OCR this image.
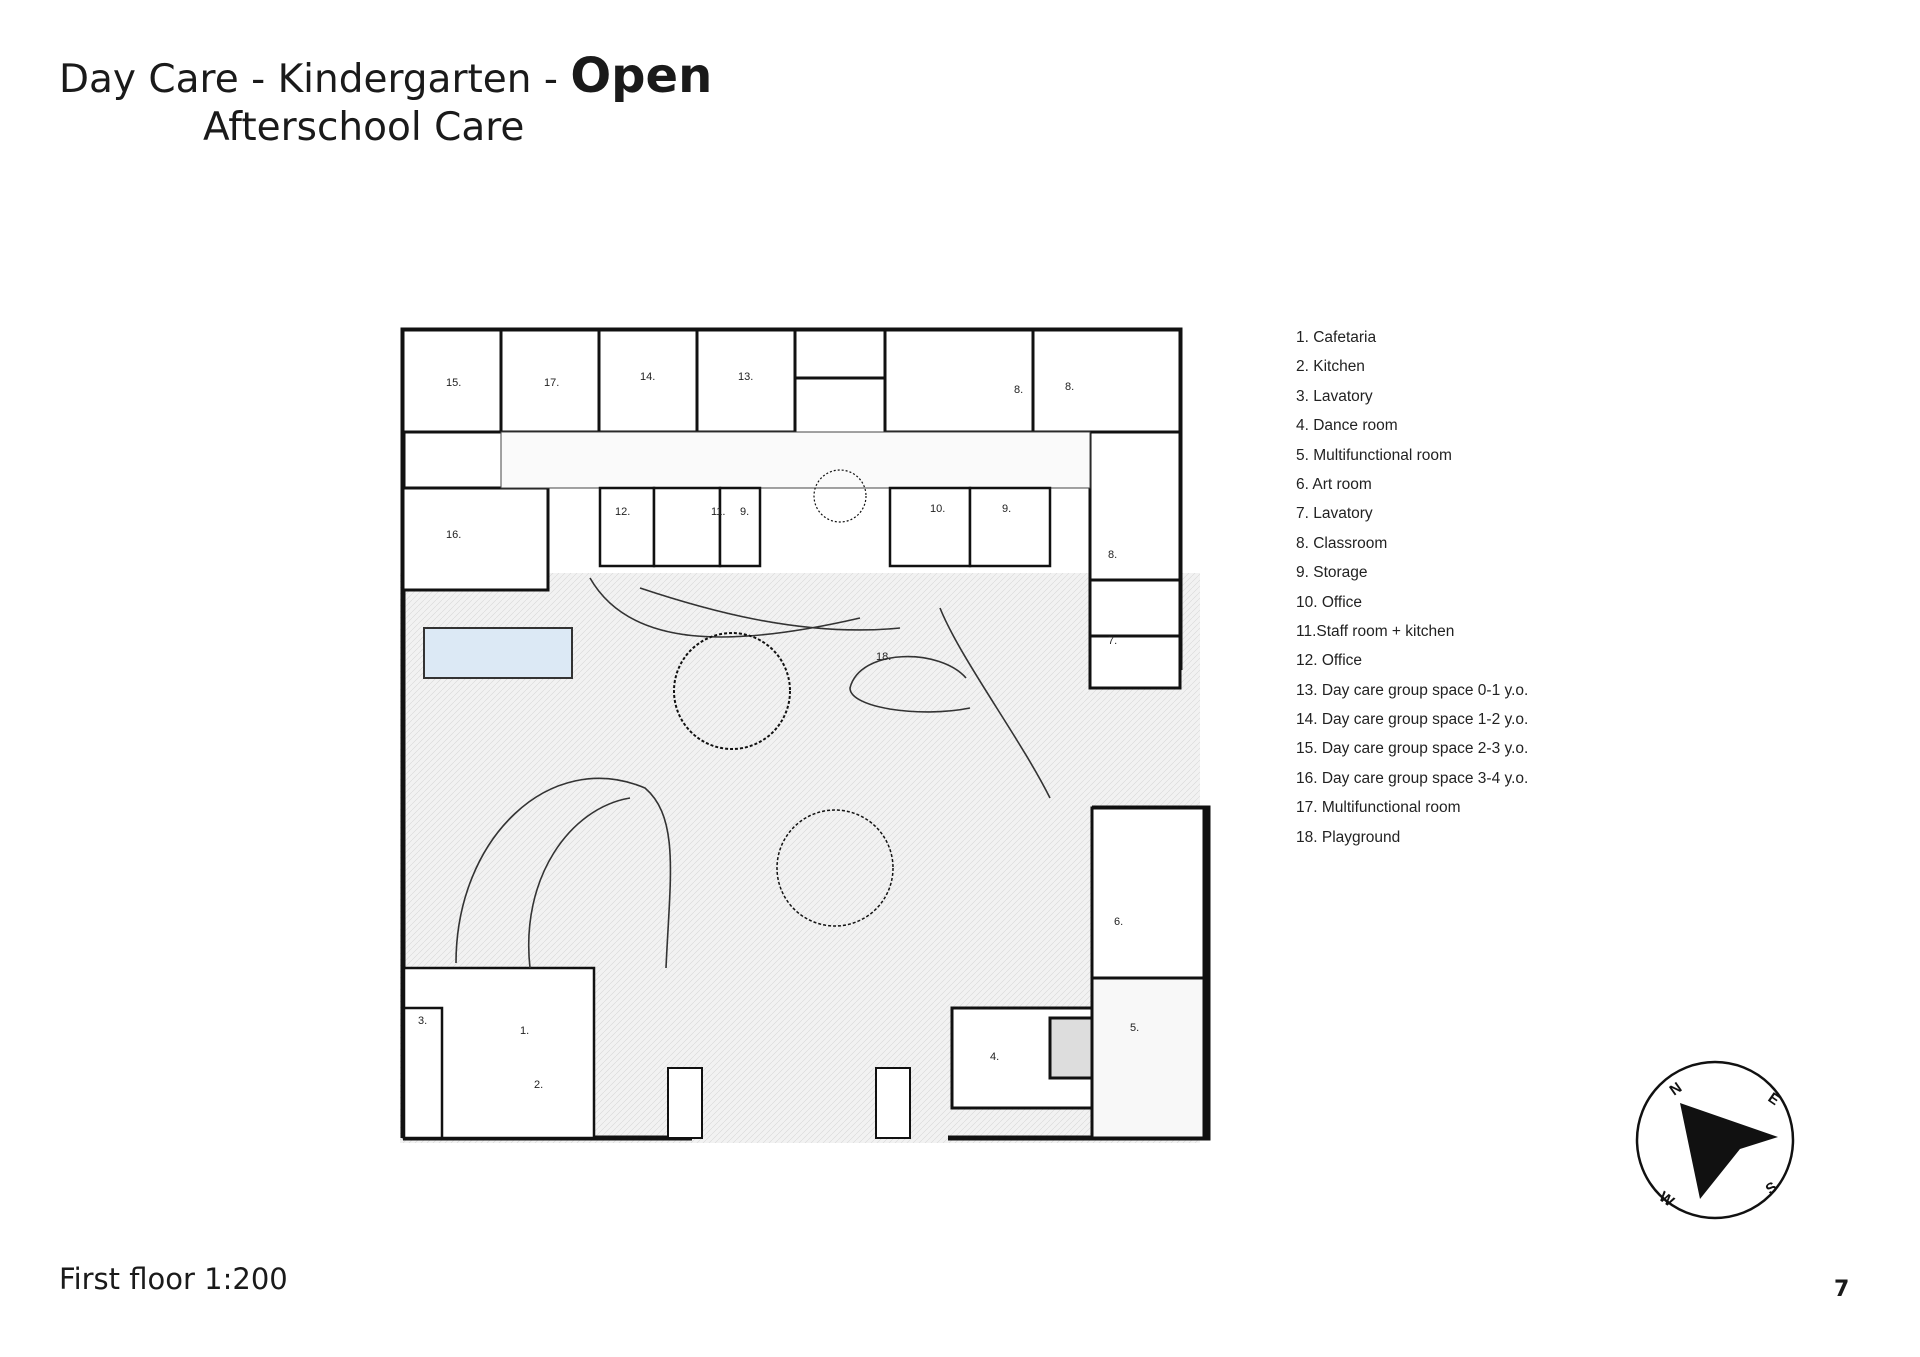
Day Care - Kindergarten - Open
Afterschool Care
15.	17.	14.	13.
8.	8.
16.
12.	11. 9.	10.	9.
8.
7.
18.
6.
5.
4.
3.
1.
2.
1. Cafetaria
2. Kitchen
3. Lavatory
4. Dance room
5. Multifunctional room
6. Art room
7. Lavatory
8. Classroom
9. Storage
10. Office
11.Staff room + kitchen
12. Office
13. Day care group space 0-1 y.o.
14. Day care group space 1-2 y.o.
15. Day care group space 2-3 y.o.
16. Day care group space 3-4 y.o.
17. Multifunctional room
18. Playground
N	E
S
W
First floor 1:200	7
